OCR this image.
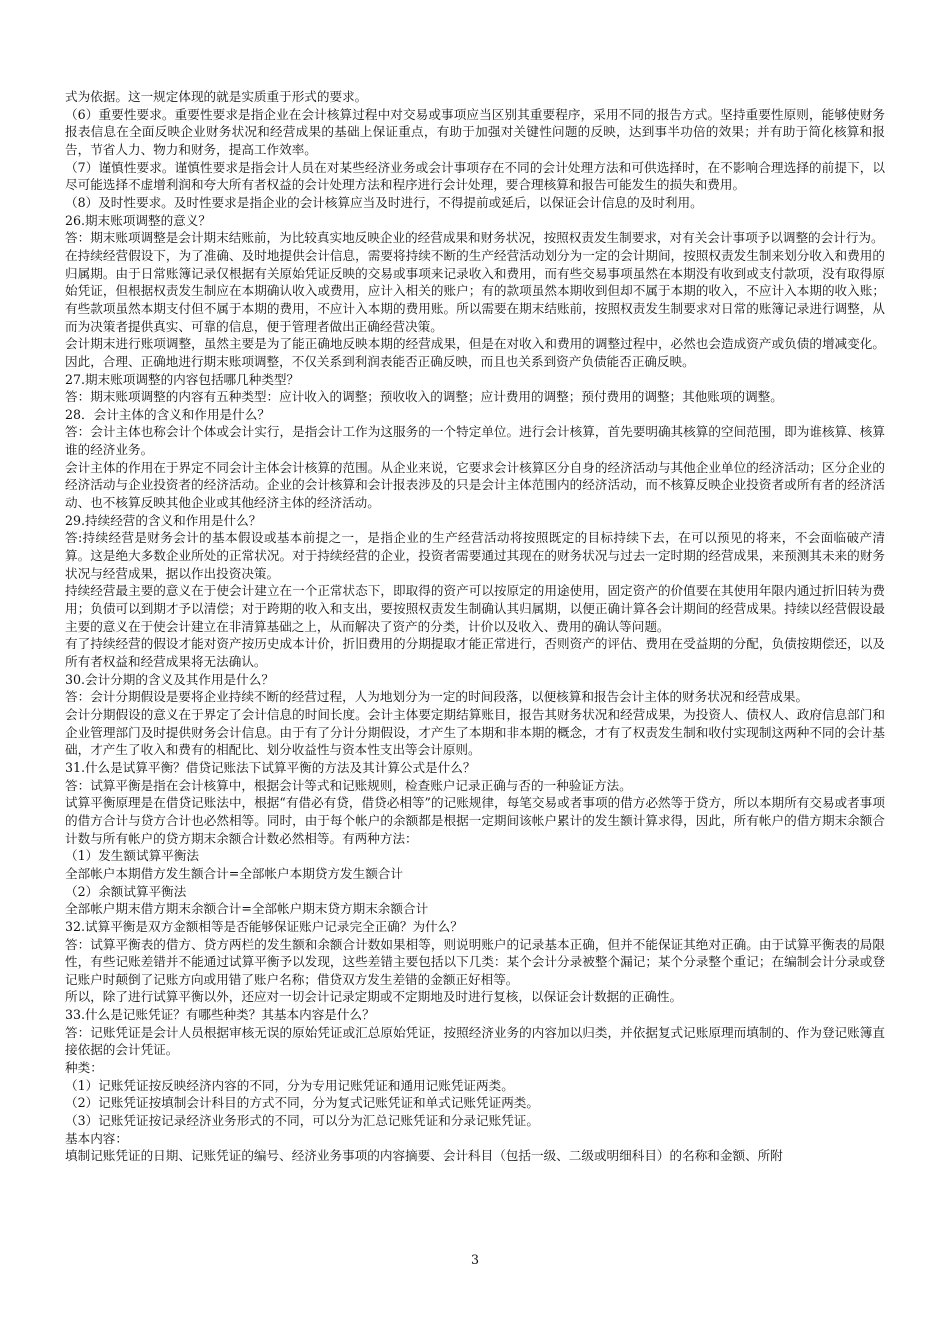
式为依据。这一规定体现的就是实质重于形式的要求。

（6）重要性要求。重要性要求是指企业在会计核算过程中对交易或事项应当区别其重要程序，采用不同的报告方式。坚持重要性原则，能够使财务报表信息在全面反映企业财务状况和经营成果的基础上保证重点，有助于加强对关键性问题的反映，达到事半功倍的效果；并有助于简化核算和报告，节省人力、物力和财务，提高工作效率。

（7）谨慎性要求。谨慎性要求是指会计人员在对某些经济业务或会计事项存在不同的会计处理方法和可供选择时，在不影响合理选择的前提下，以尽可能选择不虚增利润和夸大所有者权益的会计处理方法和程序进行会计处理，要合理核算和报告可能发生的损失和费用。

（8）及时性要求。及时性要求是指企业的会计核算应当及时进行，不得提前或延后，以保证会计信息的及时利用。

26.期末账项调整的意义？

答：期末账项调整是会计期末结账前，为比较真实地反映企业的经营成果和财务状况，按照权责发生制要求，对有关会计事项予以调整的会计行为。

在持续经营假设下，为了准确、及时地提供会计信息，需要将持续不断的生产经营活动划分为一定的会计期间，按照权责发生制来划分收入和费用的归属期。由于日常账簿记录仅根据有关原始凭证反映的交易或事项来记录收入和费用，而有些交易事项虽然在本期没有收到或支付款项，没有取得原始凭证，但根据权责发生制应在本期确认收入或费用，应计入相关的账户；有的款项虽然本期收到但却不属于本期的收入，不应计入本期的收入账；有些款项虽然本期支付但不属于本期的费用，不应计入本期的费用账。所以需要在期末结账前，按照权责发生制要求对日常的账簿记录进行调整，从而为决策者提供真实、可靠的信息，便于管理者做出正确经营决策。

会计期末进行账项调整，虽然主要是为了能正确地反映本期的经营成果，但是在对收入和费用的调整过程中，必然也会造成资产或负债的增减变化。因此，合理、正确地进行期末账项调整，不仅关系到利润表能否正确反映，而且也关系到资产负债能否正确反映。

27.期末账项调整的内容包括哪几种类型？

答：期末账项调整的内容有五种类型：应计收入的调整；预收收入的调整；应计费用的调整；预付费用的调整；其他账项的调整。

28．会计主体的含义和作用是什么？

答：会计主体也称会计个体或会计实行，是指会计工作为这服务的一个特定单位。进行会计核算，首先要明确其核算的空间范围，即为谁核算、核算谁的经济业务。

会计主体的作用在于界定不同会计主体会计核算的范围。从企业来说，它要求会计核算区分自身的经济活动与其他企业单位的经济活动；区分企业的经济活动与企业投资者的经济活动。企业的会计核算和会计报表涉及的只是会计主体范围内的经济活动，而不核算反映企业投资者或所有者的经济活动、也不核算反映其他企业或其他经济主体的经济活动。

29.持续经营的含义和作用是什么？

答:持续经营是财务会计的基本假设或基本前提之一，是指企业的生产经营活动将按照既定的目标持续下去，在可以预见的将来，不会面临破产清算。这是绝大多数企业所处的正常状况。对于持续经营的企业，投资者需要通过其现在的财务状况与过去一定时期的经营成果，来预测其未来的财务状况与经营成果，据以作出投资决策。

持续经营最主要的意义在于使会计建立在一个正常状态下，即取得的资产可以按原定的用途使用，固定资产的价值要在其使用年限内通过折旧转为费用；负债可以到期才予以清偿；对于跨期的收入和支出，要按照权责发生制确认其归属期，以便正确计算各会计期间的经营成果。持续以经营假设最主要的意义在于使会计建立在非清算基础之上，从而解决了资产的分类，计价以及收入、费用的确认等问题。

有了持续经营的假设才能对资产按历史成本计价，折旧费用的分期提取才能正常进行，否则资产的评估、费用在受益期的分配，负债按期偿还，以及所有者权益和经营成果将无法确认。

30.会计分期的含义及其作用是什么？

答：会计分期假设是要将企业持续不断的经营过程，人为地划分为一定的时间段落，以便核算和报告会计主体的财务状况和经营成果。

会计分期假设的意义在于界定了会计信息的时间长度。会计主体要定期结算账目，报告其财务状况和经营成果，为投资人、债权人、政府信息部门和企业管理部门及时提供财务会计信息。由于有了分计分期假设，才产生了本期和非本期的概念，才有了权责发生制和收付实现制这两种不同的会计基础，才产生了收入和费有的相配比、划分收益性与资本性支出等会计原则。

31.什么是试算平衡？借贷记账法下试算平衡的方法及其计算公式是什么？

答：试算平衡是指在会计核算中，根据会计等式和记账规则，检查账户记录正确与否的一种验证方法。

试算平衡原理是在借贷记账法中，根据“有借必有贷，借贷必相等”的记账规律，每笔交易或者事项的借方必然等于贷方，所以本期所有交易或者事项的借方合计与贷方合计也必然相等。同时，由于每个帐户的余额都是根据一定期间该帐户累计的发生额计算求得，因此，所有帐户的借方期末余额合计数与所有帐户的贷方期末余额合计数必然相等。有两种方法：

（1）发生额试算平衡法

全部帐户本期借方发生额合计=全部帐户本期贷方发生额合计

（2）余额试算平衡法

全部帐户期末借方期末余额合计=全部帐户期末贷方期末余额合计

32.试算平衡是双方金额相等是否能够保证账户记录完全正确？为什么？

答：试算平衡表的借方、贷方两栏的发生额和余额合计数如果相等，则说明账户的记录基本正确，但并不能保证其绝对正确。由于试算平衡表的局限性，有些记账差错并不能通过试算平衡予以发现，这些差错主要包括以下几类：某个会计分录被整个漏记；某个分录整个重记；在编制会计分录或登记账户时颠倒了记账方向或用错了账户名称；借贷双方发生差错的金额正好相等。

所以，除了进行试算平衡以外，还应对一切会计记录定期或不定期地及时进行复核，以保证会计数据的正确性。

33.什么是记账凭证？有哪些种类？其基本内容是什么？

答：记账凭证是会计人员根据审核无误的原始凭证或汇总原始凭证，按照经济业务的内容加以归类，并依据复式记账原理而填制的、作为登记账簿直接依据的会计凭证。

种类：

（1）记账凭证按反映经济内容的不同，分为专用记账凭证和通用记账凭证两类。

（2）记账凭证按填制会计科目的方式不同，分为复式记账凭证和单式记账凭证两类。

（3）记账凭证按记录经济业务形式的不同，可以分为汇总记账凭证和分录记账凭证。

基本内容：

填制记账凭证的日期、记账凭证的编号、经济业务事项的内容摘要、会计科目（包括一级、二级或明细科目）的名称和金额、所附

3
